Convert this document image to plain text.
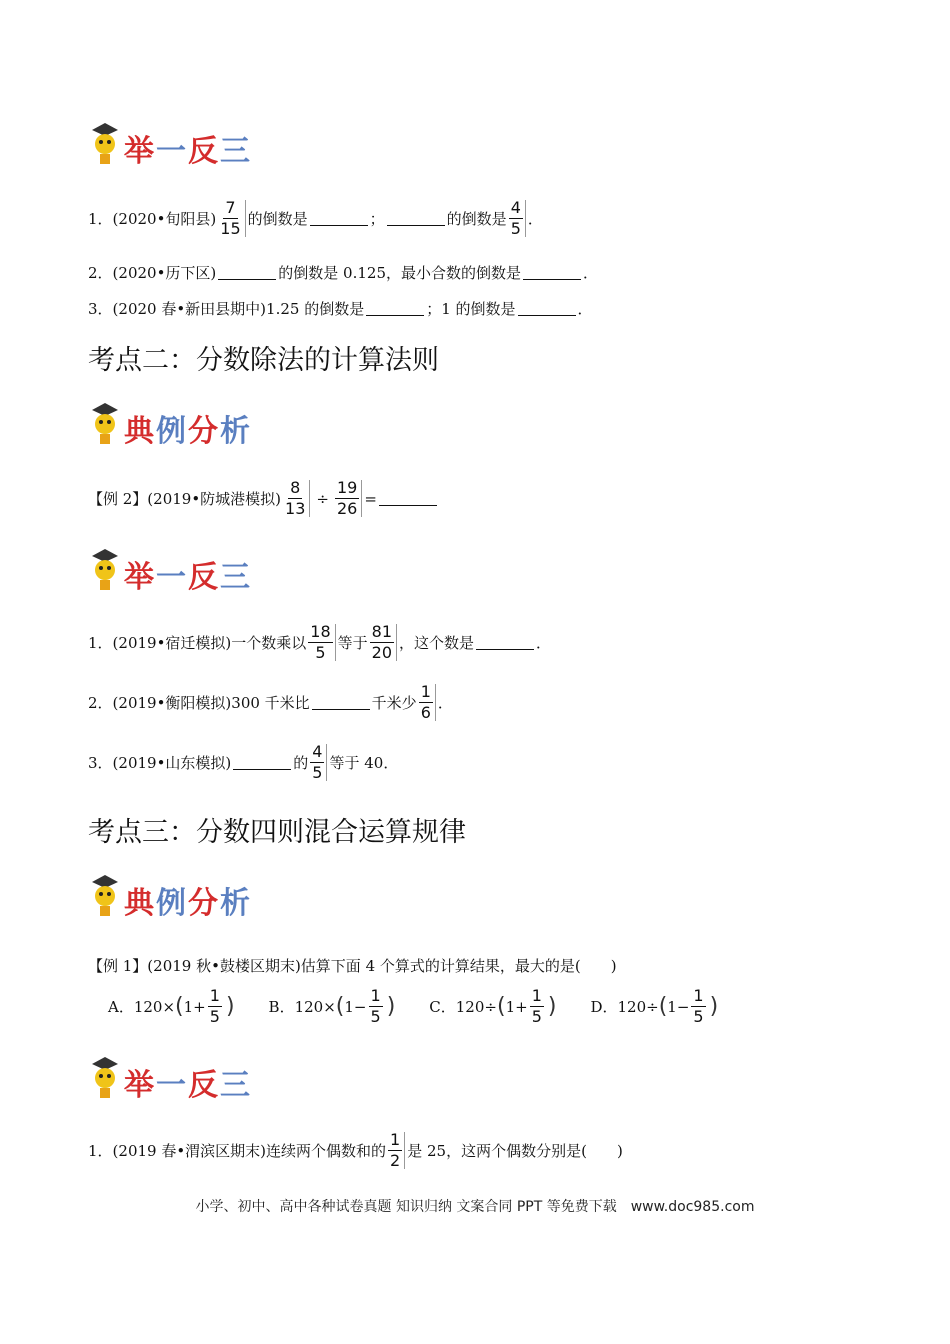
举一反三
1．(2020•旬阳县) $\frac{7}{15}$ 的倒数是	；	的倒数是 $\frac{4}{5}$ ．
2．(2020•历下区)	的倒数是 0.125，最小合数的倒数是	．
3．(2020 春•新田县期中)1.25 的倒数是	；1 的倒数是	．
考点二：分数除法的计算法则
典例分析
【例 2】(2019•防城港模拟) $\frac{8}{13} \div \frac{19}{26}$ =
举一反三
1．(2019•宿迁模拟)一个数乘以 $\frac{18}{5}$ 等于 $\frac{81}{20}$ ，这个数是	．
2．(2019•衡阳模拟)300 千米比	千米少 $\frac{1}{6}$ ．
3．(2019•山东模拟)	的 $\frac{4}{5}$ 等于 40．
考点三：分数四则混合运算规律
典例分析
【例 1】(2019 秋•鼓楼区期末)估算下面 4 个算式的计算结果，最大的是(　　)
A．120× ( $1+ \frac{1}{5}$ ) B．120× ( $1- \frac{1}{5}$ ) C．120÷ ( $1+ \frac{1}{5}$ ) D．120÷ ( $1- \frac{1}{5}$ )
举一反三
1．(2019 春•渭滨区期末)连续两个偶数和的 $\frac{1}{2}$ 是 25，这两个偶数分别是(　　)
小学、初中、高中各种试卷真题 知识归纳 文案合同 PPT 等免费下载　www.doc985.com
